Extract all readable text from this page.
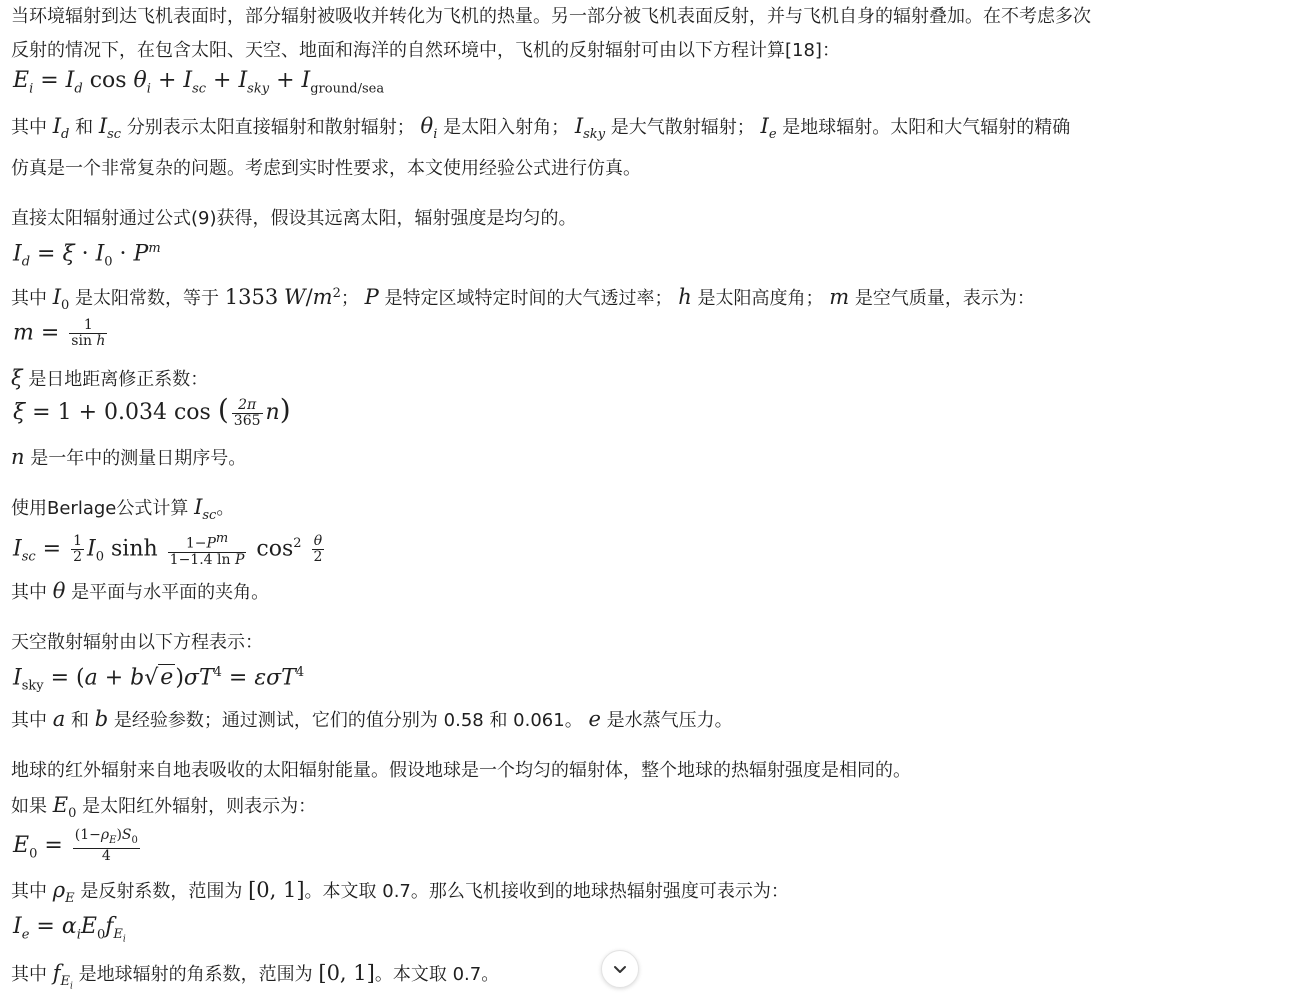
当环境辐射到达飞机表面时，部分辐射被吸收并转化为飞机的热量。另一部分被飞机表面反射，并与飞机自身的辐射叠加。在不考虑多次
反射的情况下，在包含太阳、天空、地面和海洋的自然环境中，飞机的反射辐射可由以下方程计算[18]：
$E_i = I_d$ $\cos \theta_i + I_{sc} + I_{sky} + I_{ground/sea}$
其中 $I_d$ 和 $I_{sc}$ 分别表示太阳直接辐射和散射辐射； $\theta_i$ 是太阳入射角； $I_{sky}$ 是大气散射辐射； $I_e$ 是地球辐射。太阳和大气辐射的精确
仿真是一个非常复杂的问题。考虑到实时性要求，本文使用经验公式进行仿真。
直接太阳辐射通过公式(9)获得，假设其远离太阳，辐射强度是均匀的。
$I_d = \xi \cdot I_0 \cdot P^m$
其中 $I_0$ 是太阳常数，等于 1353 $W/m^2$； P 是特定区域特定时间的大气透过率； h 是太阳高度角； m 是空气质量，表示为：
$m = \frac{1}{\text{sin h}}$
ξ 是日地距离修正系数：
ξ = 1 + 0.034 cos ( $\frac{2\pi}{365} n$)
n 是一年中的测量日期序号。
使用Berlage公式计算 $I_{sc}$。
$I_{sc} = \frac{1}{2} I_0$ $\sinh \frac{1-P^m}{\text{1−1.4 ln P}} \cos^2 \frac{\theta}{2}$
其中 θ 是平面与水平面的夹角。
天空散射辐射由以下方程表示：
$I_{sky} = (a + b√e)\sigma T^4 = \varepsilon\sigma T^4$
其中 a 和 b 是经验参数；通过测试，它们的值分别为 0.58 和 0.061。 e 是水蒸气压力。
地球的红外辐射来自地表吸收的太阳辐射能量。假设地球是一个均匀的辐射体，整个地球的热辐射强度是相同的。
如果 $E_0$ 是太阳红外辐射，则表示为：
$E_0 = \frac{(1-\rho_E)S_0}{4}$
其中 $\rho_E$ 是反射系数，范围为 [0, 1]。本文取 0.7。那么飞机接收到的地球热辐射强度可表示为：
$I_e = \alpha_iE_0f_{E_i}$
其中 $f_{E_i}$ 是地球辐射的角系数，范围为 [0, 1]。本文取 0.7。
